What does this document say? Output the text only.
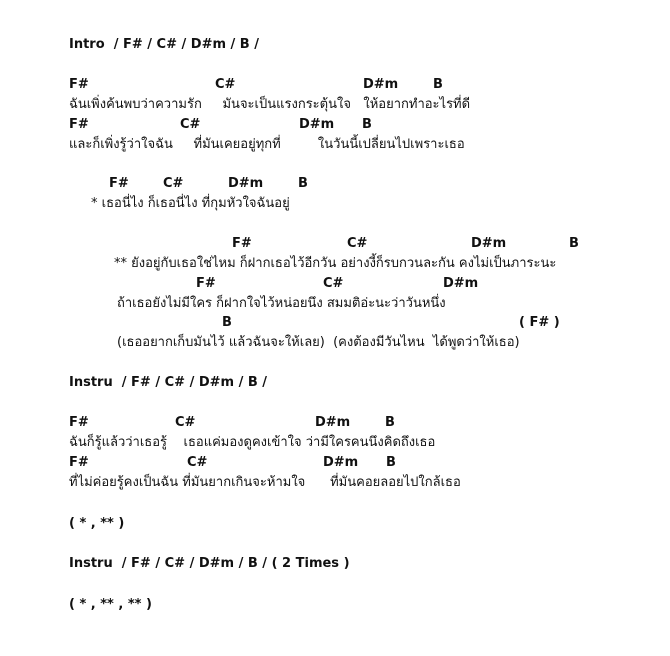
Intro  / F# / C# / D#m / B /
F#	C#	D#m	B
ฉันเพิ่งค้นพบว่าความรัก     มันจะเป็นแรงกระตุ้นใจ   ให้อยากทำอะไรที่ดี
F#	C#	D#m B
และก็เพิ่งรู้ว่าใจฉัน     ที่มันเคยอยู่ทุกที่         ในวันนี้เปลี่ยนไปเพราะเธอ
F#	C#	D#m	B
* เธอนี่ไง ก็เธอนี่ไง ที่กุมหัวใจฉันอยู่
F#	C#	D#m	B
** ยังอยู่กับเธอใช่ไหม ก็ฝากเธอไว้อีกวัน อย่างงี้ก็รบกวนละกัน คงไม่เป็นภาระนะ
F#	C#	D#m
ถ้าเธอยังไม่มีใคร ก็ฝากใจไว้หน่อยนึง สมมติอ่ะนะว่าวันหนึ่ง
B	( F# )
(เธออยากเก็บมันไว้ แล้วฉันจะให้เลย)  (คงต้องมีวันไหน  ได้พูดว่าให้เธอ)
Instru  / F# / C# / D#m / B /
F#	C#	D#m	B
ฉันก็รู้แล้วว่าเธอรู้    เธอแค่มองดูคงเข้าใจ ว่ามีใครคนนึงคิดถึงเธอ
F#	C#	D#m B
ที่ไม่ค่อยรู้คงเป็นฉัน ที่มันยากเกินจะห้ามใจ      ที่มันคอยลอยไปใกล้เธอ
( * , ** )
Instru  / F# / C# / D#m / B / ( 2 Times )
( * , ** , ** )
